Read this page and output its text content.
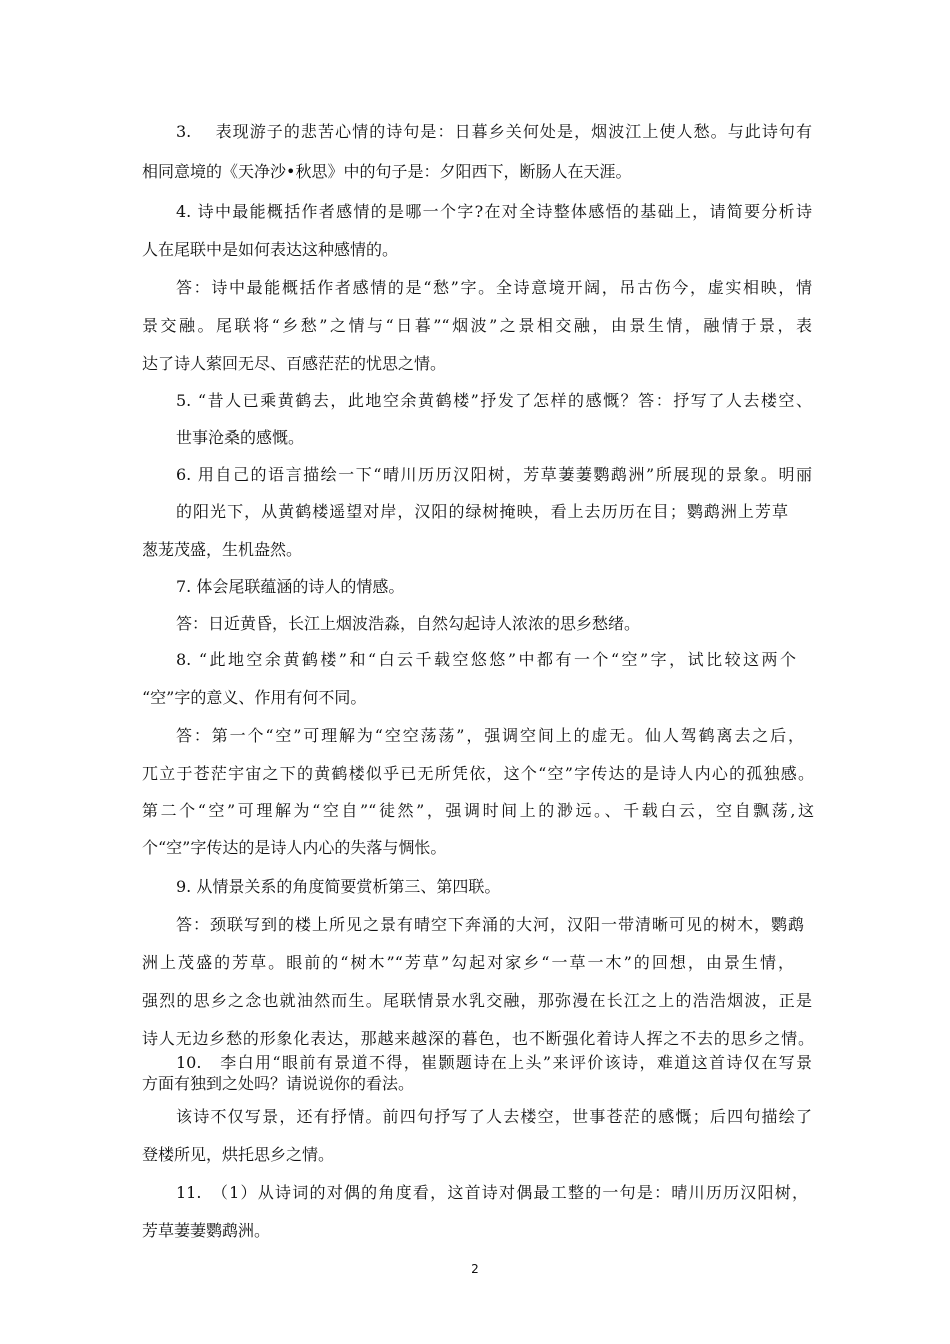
3.　 表现游子的悲苦心情的诗句是：日暮乡关何处是，烟波江上使人愁。与此诗句有
相同意境的《天净沙•秋思》中的句子是：夕阳西下，断肠人在天涯。
4. 诗中最能概括作者感情的是哪一个字?在对全诗整体感悟的基础上，请简要分析诗
人在尾联中是如何表达这种感情的。
答：诗中最能概括作者感情的是“愁”字。全诗意境开阔，吊古伤今，虚实相映，情
景交融。尾联将“乡愁”之情与“日暮”“烟波”之景相交融，由景生情，融情于景，表
达了诗人萦回无尽、百感茫茫的忧思之情。
5. “昔人已乘黄鹤去，此地空余黄鹤楼”抒发了怎样的感慨？答：抒写了人去楼空、
世事沧桑的感慨。
6. 用自己的语言描绘一下“晴川历历汉阳树，芳草萋萋鹦鹉洲”所展现的景象。明丽
的阳光下，从黄鹤楼遥望对岸，汉阳的绿树掩映，看上去历历在目；鹦鹉洲上芳草
葱茏茂盛，生机盎然。
7. 体会尾联蕴涵的诗人的情感。
答：日近黄昏，长江上烟波浩淼，自然勾起诗人浓浓的思乡愁绪。
8. “此地空余黄鹤楼”和“白云千载空悠悠”中都有一个“空”字，试比较这两个
“空”字的意义、作用有何不同。
答：第一个“空”可理解为“空空荡荡”，强调空间上的虚无。仙人驾鹤离去之后，
兀立于苍茫宇宙之下的黄鹤楼似乎已无所凭依，这个“空”字传达的是诗人内心的孤独感。
第二个“空”可理解为“空自”“徒然”，强调时间上的渺远。、千载白云，空自飘荡,这
个“空”字传达的是诗人内心的失落与惆怅。
9. 从情景关系的角度简要赏析第三、第四联。
答：颈联写到的楼上所见之景有晴空下奔涌的大河，汉阳一带清晰可见的树木，鹦鹉
洲上茂盛的芳草。眼前的“树木”“芳草”勾起对家乡“一草一木”的回想，由景生情，
强烈的思乡之念也就油然而生。尾联情景水乳交融，那弥漫在长江之上的浩浩烟波，正是
诗人无边乡愁的形象化表达，那越来越深的暮色，也不断强化着诗人挥之不去的思乡之情。
10.　李白用“眼前有景道不得，崔颢题诗在上头”来评价该诗，难道这首诗仅在写景
方面有独到之处吗？请说说你的看法。
该诗不仅写景，还有抒情。前四句抒写了人去楼空，世事苍茫的感慨；后四句描绘了
登楼所见，烘托思乡之情。
11.　（1）从诗词的对偶的角度看，这首诗对偶最工整的一句是：晴川历历汉阳树，
芳草萋萋鹦鹉洲。
2
